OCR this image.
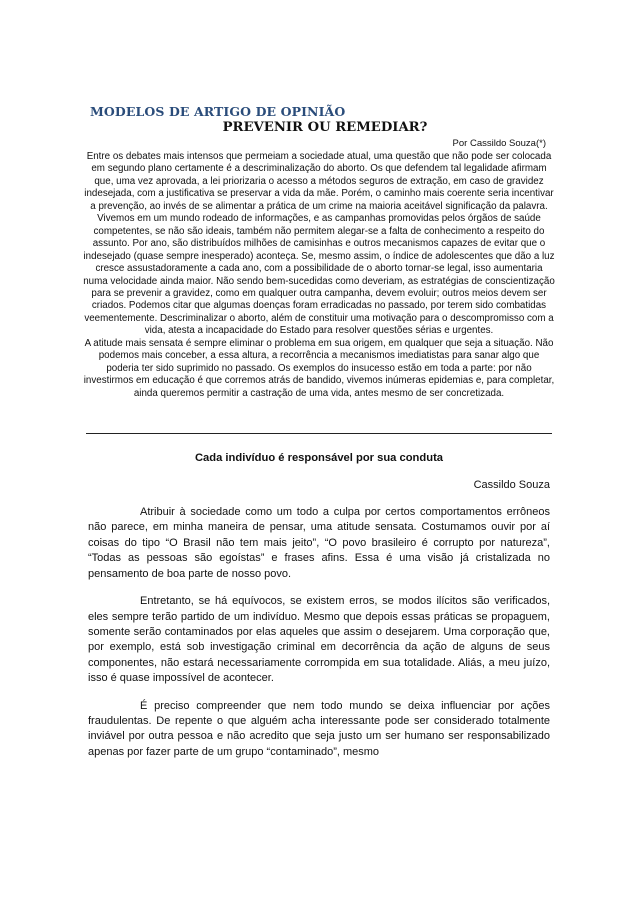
MODELOS DE ARTIGO DE OPINIÃO
PREVENIR OU REMEDIAR?
Por Cassildo Souza(*)

Entre os debates mais intensos que permeiam a sociedade atual, uma questão que não pode ser colocada em segundo plano certamente é a descriminalização do aborto. Os que defendem tal legalidade afirmam que, uma vez aprovada, a lei priorizaria o acesso a métodos seguros de extração, em caso de gravidez indesejada, com a justificativa se preservar a vida da mãe. Porém, o caminho mais coerente seria incentivar a prevenção, ao invés de se alimentar a prática de um crime na maioria aceitável significação da palavra.

Vivemos em um mundo rodeado de informações, e as campanhas promovidas pelos órgãos de saúde competentes, se não são ideais, também não permitem alegar-se a falta de conhecimento a respeito do assunto. Por ano, são distribuídos milhões de camisinhas e outros mecanismos capazes de evitar que o indesejado (quase sempre inesperado) aconteça. Se, mesmo assim, o índice de adolescentes que dão a luz cresce assustadoramente a cada ano, com a possibilidade de o aborto tornar-se legal, isso aumentaria numa velocidade ainda maior. Não sendo bem-sucedidas como deveriam, as estratégias de conscientização para se prevenir a gravidez, como em qualquer outra campanha, devem evoluir; outros meios devem ser criados. Podemos citar que algumas doenças foram erradicadas no passado, por terem sido combatidas veementemente. Descriminalizar o aborto, além de constituir uma motivação para o descompromisso com a vida, atesta a incapacidade do Estado para resolver questões sérias e urgentes.

A atitude mais sensata é sempre eliminar o problema em sua origem, em qualquer que seja a situação. Não podemos mais conceber, a essa altura, a recorrência a mecanismos imediatistas para sanar algo que poderia ter sido suprimido no passado. Os exemplos do insucesso estão em toda a parte: por não investirmos em educação é que corremos atrás de bandido, vivemos inúmeras epidemias e, para completar, ainda queremos permitir a castração de uma vida, antes mesmo de ser concretizada.

Cada indivíduo é responsável por sua conduta
Cassildo Souza

Atribuir à sociedade como um todo a culpa por certos comportamentos errôneos não parece, em minha maneira de pensar, uma atitude sensata. Costumamos ouvir por aí coisas do tipo “O Brasil não tem mais jeito”, “O povo brasileiro é corrupto por natureza”, “Todas as pessoas são egoístas” e frases afins. Essa é uma visão já cristalizada no pensamento de boa parte de nosso povo.

Entretanto, se há equívocos, se existem erros, se modos ilícitos são verificados, eles sempre terão partido de um indivíduo. Mesmo que depois essas práticas se propaguem, somente serão contaminados por elas aqueles que assim o desejarem. Uma corporação que, por exemplo, está sob investigação criminal em decorrência da ação de alguns de seus componentes, não estará necessariamente corrompida em sua totalidade. Aliás, a meu juízo, isso é quase impossível de acontecer.

É preciso compreender que nem todo mundo se deixa influenciar por ações fraudulentas. De repente o que alguém acha interessante pode ser considerado totalmente inviável por outra pessoa e não acredito que seja justo um ser humano ser responsabilizado apenas por fazer parte de um grupo “contaminado”, mesmo
